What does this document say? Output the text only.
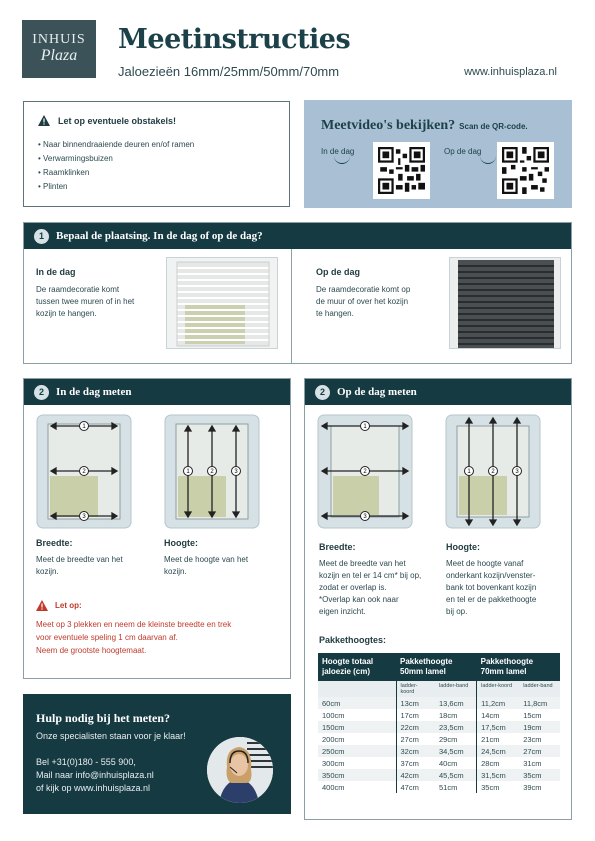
INHUIS
Plaza
Meetinstructies
Jaloezieën 16mm/25mm/50mm/70mm	www.inhuisplaza.nl
Let op eventuele obstakels!
• Naar binnendraaiende deuren en/of ramen
• Verwarmingsbuizen
• Raamklinken
• Plinten
Meetvideo's bekijken? Scan de QR-code.
In de dag	Op de dag
1	Bepaal de plaatsing. In de dag of op de dag?
In de dag
De raamdecoratie komt
tussen twee muren of in het
kozijn te hangen.
Op de dag
De raamdecoratie komt op
de muur of over het kozijn
te hangen.
2	In de dag meten
1
2
3
1	2	3
Breedte:
Meet de breedte van het
kozijn.
Hoogte:
Meet de hoogte van het
kozijn.
Let op:
Meet op 3 plekken en neem de kleinste breedte en trek
voor eventuele speling 1 cm daarvan af.
Neem de grootste hoogtemaat.
2	Op de dag meten
1
2
3
1	2	3
Breedte:
Meet de breedte van het
kozijn en tel er 14 cm* bij op,
zodat er overlap is.
*Overlap kan ook naar
eigen inzicht.
Hoogte:
Meet de hoogte vanaf
onderkant kozijn/venster-
bank tot bovenkant kozijn
en tel er de pakkethoogte
bij op.
Pakkethoogtes:
Hoogte totaal jaloezie (cm)	Pakkethoogte 50mm lamel		Pakkethoogte 70mm lamel	
	ladder-koord	ladder-band	ladder-koord	ladder-band
60cm	13cm	13,6cm	11,2cm	11,8cm
100cm	17cm	18cm	14cm	15cm
150cm	22cm	23,5cm	17,5cm	19cm
200cm	27cm	29cm	21cm	23cm
250cm	32cm	34,5cm	24,5cm	27cm
300cm	37cm	40cm	28cm	31cm
350cm	42cm	45,5cm	31,5cm	35cm
400cm	47cm	51cm	35cm	39cm
Hulp nodig bij het meten?
Onze specialisten staan voor je klaar!
Bel +31(0)180 - 555 900,
Mail naar info@inhuisplaza.nl
of kijk op www.inhuisplaza.nl
